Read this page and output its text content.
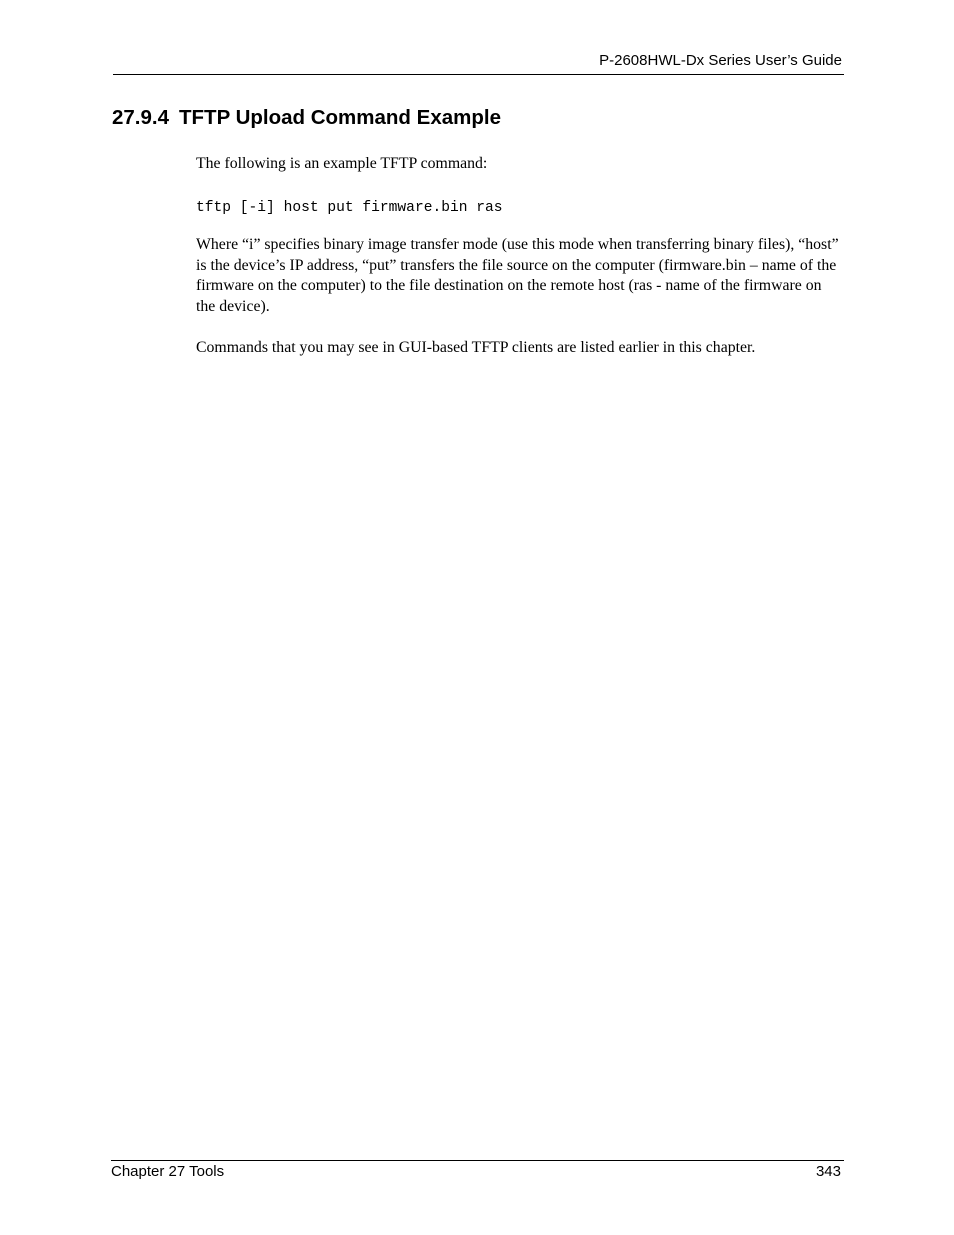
P-2608HWL-Dx Series User’s Guide
27.9.4 TFTP Upload Command Example

The following is an example TFTP command:

tftp [-i] host put firmware.bin ras

Where “i” specifies binary image transfer mode (use this mode when transferring binary files), “host” is the device’s IP address, “put” transfers the file source on the computer (firmware.bin – name of the firmware on the computer) to the file destination on the remote host (ras - name of the firmware on the device).

Commands that you may see in GUI-based TFTP clients are listed earlier in this chapter.

Chapter 27 Tools	343
